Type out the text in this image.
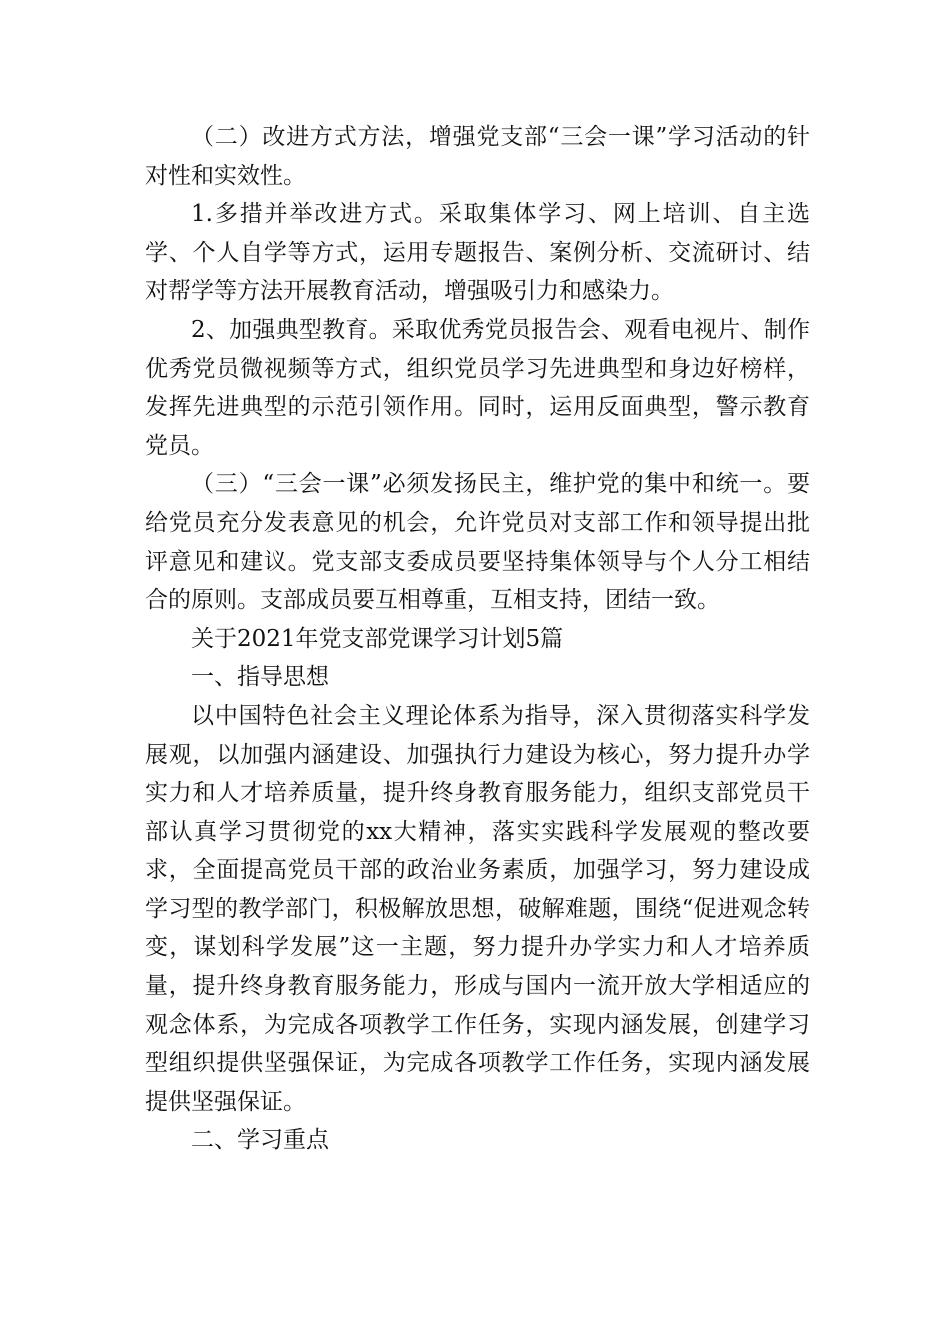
（二）改进方式方法，增强党支部“三会一课”学习活动的针对性和实效性。

1.多措并举改进方式。采取集体学习、网上培训、自主选学、个人自学等方式，运用专题报告、案例分析、交流研讨、结对帮学等方法开展教育活动，增强吸引力和感染力。

2、加强典型教育。采取优秀党员报告会、观看电视片、制作优秀党员微视频等方式，组织党员学习先进典型和身边好榜样，发挥先进典型的示范引领作用。同时，运用反面典型，警示教育党员。

（三）“三会一课”必须发扬民主，维护党的集中和统一。要给党员充分发表意见的机会，允许党员对支部工作和领导提出批评意见和建议。党支部支委成员要坚持集体领导与个人分工相结合的原则。支部成员要互相尊重，互相支持，团结一致。

关于2021年党支部党课学习计划5篇

一、指导思想

以中国特色社会主义理论体系为指导，深入贯彻落实科学发展观，以加强内涵建设、加强执行力建设为核心，努力提升办学实力和人才培养质量，提升终身教育服务能力，组织支部党员干部认真学习贯彻党的xx大精神，落实实践科学发展观的整改要求，全面提高党员干部的政治业务素质，加强学习，努力建设成学习型的教学部门，积极解放思想，破解难题，围绕“促进观念转变，谋划科学发展”这一主题，努力提升办学实力和人才培养质量，提升终身教育服务能力，形成与国内一流开放大学相适应的观念体系，为完成各项教学工作任务，实现内涵发展，创建学习型组织提供坚强保证，为完成各项教学工作任务，实现内涵发展提供坚强保证。

二、学习重点
